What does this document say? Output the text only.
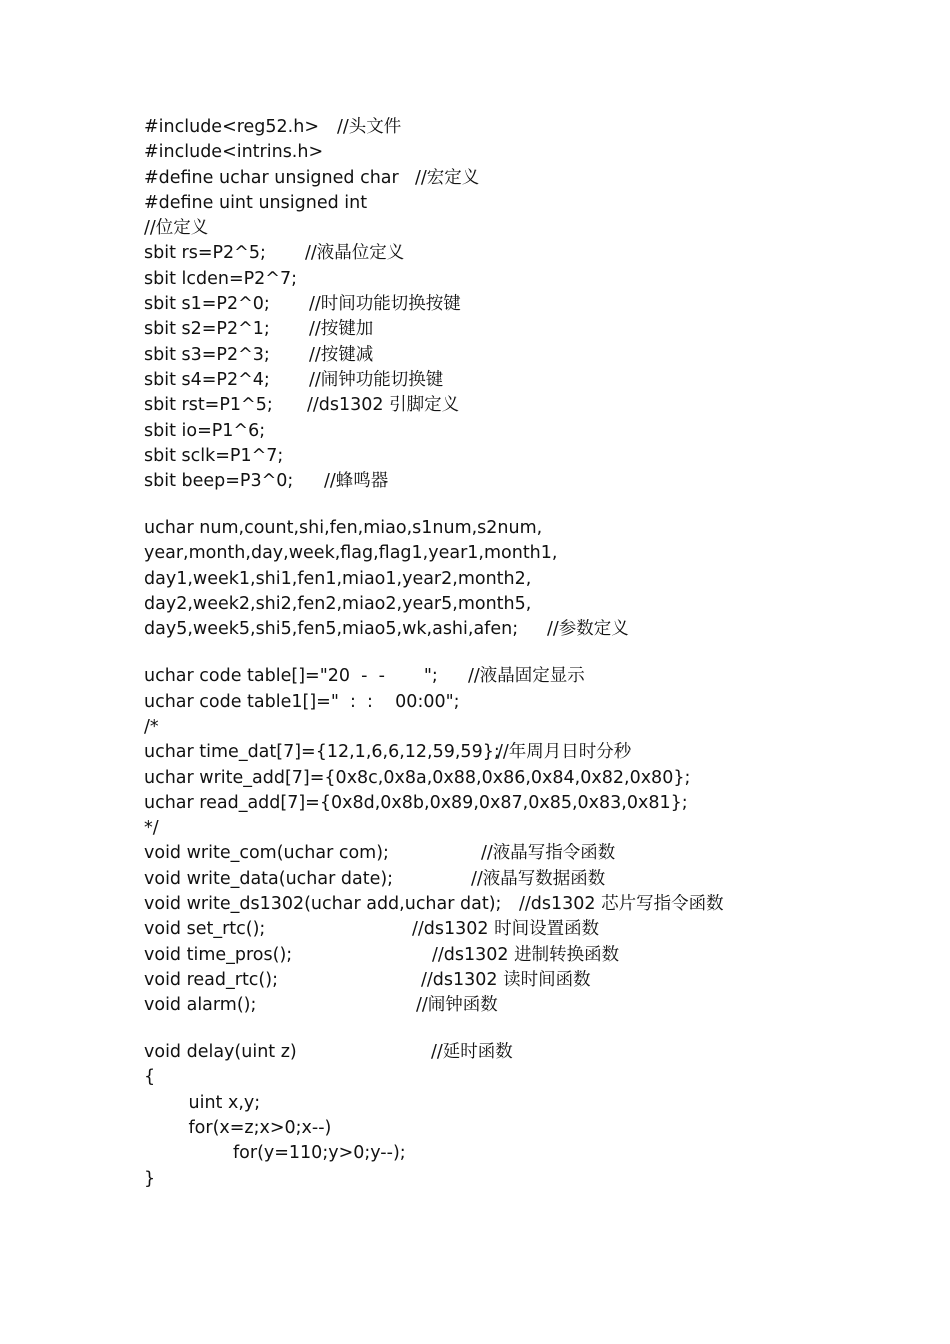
#include<reg52.h> //头文件
#include<intrins.h>
#define uchar unsigned char //宏定义
#define uint unsigned int
//位定义
sbit rs=P2^5; //液晶位定义
sbit lcden=P2^7;
sbit s1=P2^0; //时间功能切换按键
sbit s2=P2^1; //按键加
sbit s3=P2^3; //按键减
sbit s4=P2^4; //闹钟功能切换键
sbit rst=P1^5; //ds1302 引脚定义
sbit io=P1^6;
sbit sclk=P1^7;
sbit beep=P3^0; //蜂鸣器
uchar num,count,shi,fen,miao,s1num,s2num,
year,month,day,week,flag,flag1,year1,month1,
day1,week1,shi1,fen1,miao1,year2,month2,
day2,week2,shi2,fen2,miao2,year5,month5,
day5,week5,shi5,fen5,miao5,wk,ashi,afen; //参数定义
uchar code table[]="20  -  -       "; //液晶固定显示
uchar code table1[]="  :  :    00:00";
/*
uchar time_dat[7]={12,1,6,6,12,59,59};
//年周月日时分秒
uchar write_add[7]={0x8c,0x8a,0x88,0x86,0x84,0x82,0x80};
uchar read_add[7]={0x8d,0x8b,0x89,0x87,0x85,0x83,0x81};
*/
void write_com(uchar com);	//液晶写指令函数
void write_data(uchar date);	//液晶写数据函数
void write_ds1302(uchar add,uchar dat); //ds1302 芯片写指令函数
void set_rtc();	//ds1302 时间设置函数
void time_pros();	//ds1302 进制转换函数
void read_rtc();	//ds1302 读时间函数
void alarm();	//闹钟函数
void delay(uint z)	//延时函数
{
uint x,y;
for(x=z;x>0;x--)
for(y=110;y>0;y--);
}
